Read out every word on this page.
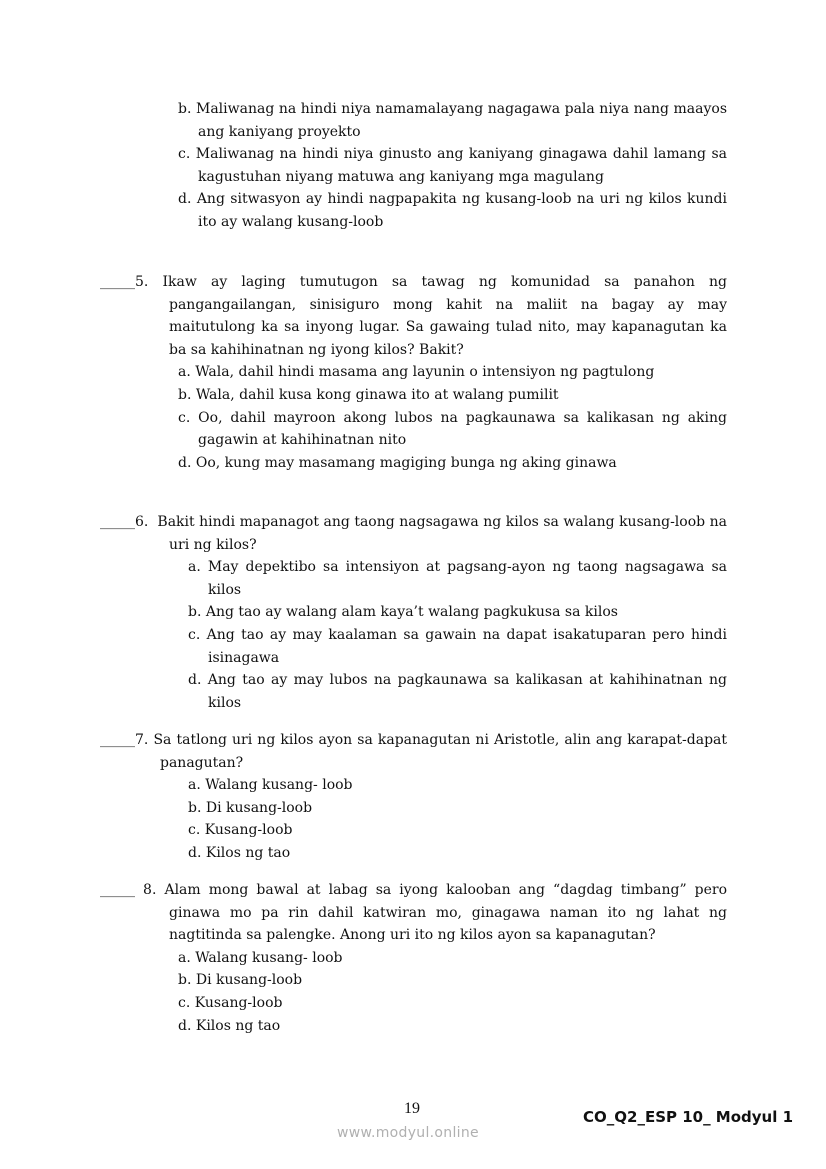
b. Maliwanag na hindi niya namamalayang nagagawa pala niya nang maayos ang kaniyang proyekto
c. Maliwanag na hindi niya ginusto ang kaniyang ginagawa dahil lamang sa kagustuhan niyang matuwa ang kaniyang mga magulang
d. Ang sitwasyon ay hindi nagpapakita ng kusang-loob na uri ng kilos kundi ito ay walang kusang-loob
_____5. Ikaw ay laging tumutugon sa tawag ng komunidad sa panahon ng pangangailangan, sinisiguro mong kahit na maliit na bagay ay may maitutulong ka sa inyong lugar. Sa gawaing tulad nito, may kapanagutan ka ba sa kahihinatnan ng iyong kilos? Bakit?
a. Wala, dahil hindi masama ang layunin o intensiyon ng pagtulong
b. Wala, dahil kusa kong ginawa ito at walang pumilit
c. Oo, dahil mayroon akong lubos na pagkaunawa sa kalikasan ng aking gagawin at kahihinatnan nito
d. Oo, kung may masamang magiging bunga ng aking ginawa
_____6. Bakit hindi mapanagot ang taong nagsagawa ng kilos sa walang kusang-loob na uri ng kilos?
a. May depektibo sa intensiyon at pagsang-ayon ng taong nagsagawa sa kilos
b. Ang tao ay walang alam kaya’t walang pagkukusa sa kilos
c. Ang tao ay may kaalaman sa gawain na dapat isakatuparan pero hindi isinagawa
d. Ang tao ay may lubos na pagkaunawa sa kalikasan at kahihinatnan ng kilos
_____7. Sa tatlong uri ng kilos ayon sa kapanagutan ni Aristotle, alin ang karapat-dapat panagutan?
a. Walang kusang- loob
b. Di kusang-loob
c. Kusang-loob
d. Kilos ng tao
_____ 8. Alam mong bawal at labag sa iyong kalooban ang “dagdag timbang” pero ginawa mo pa rin dahil katwiran mo, ginagawa naman ito ng lahat ng nagtitinda sa palengke. Anong uri ito ng kilos ayon sa kapanagutan?
a. Walang kusang- loob
b. Di kusang-loob
c. Kusang-loob
d. Kilos ng tao
19	CO_Q2_ESP 10_ Modyul 1
www.modyul.online
